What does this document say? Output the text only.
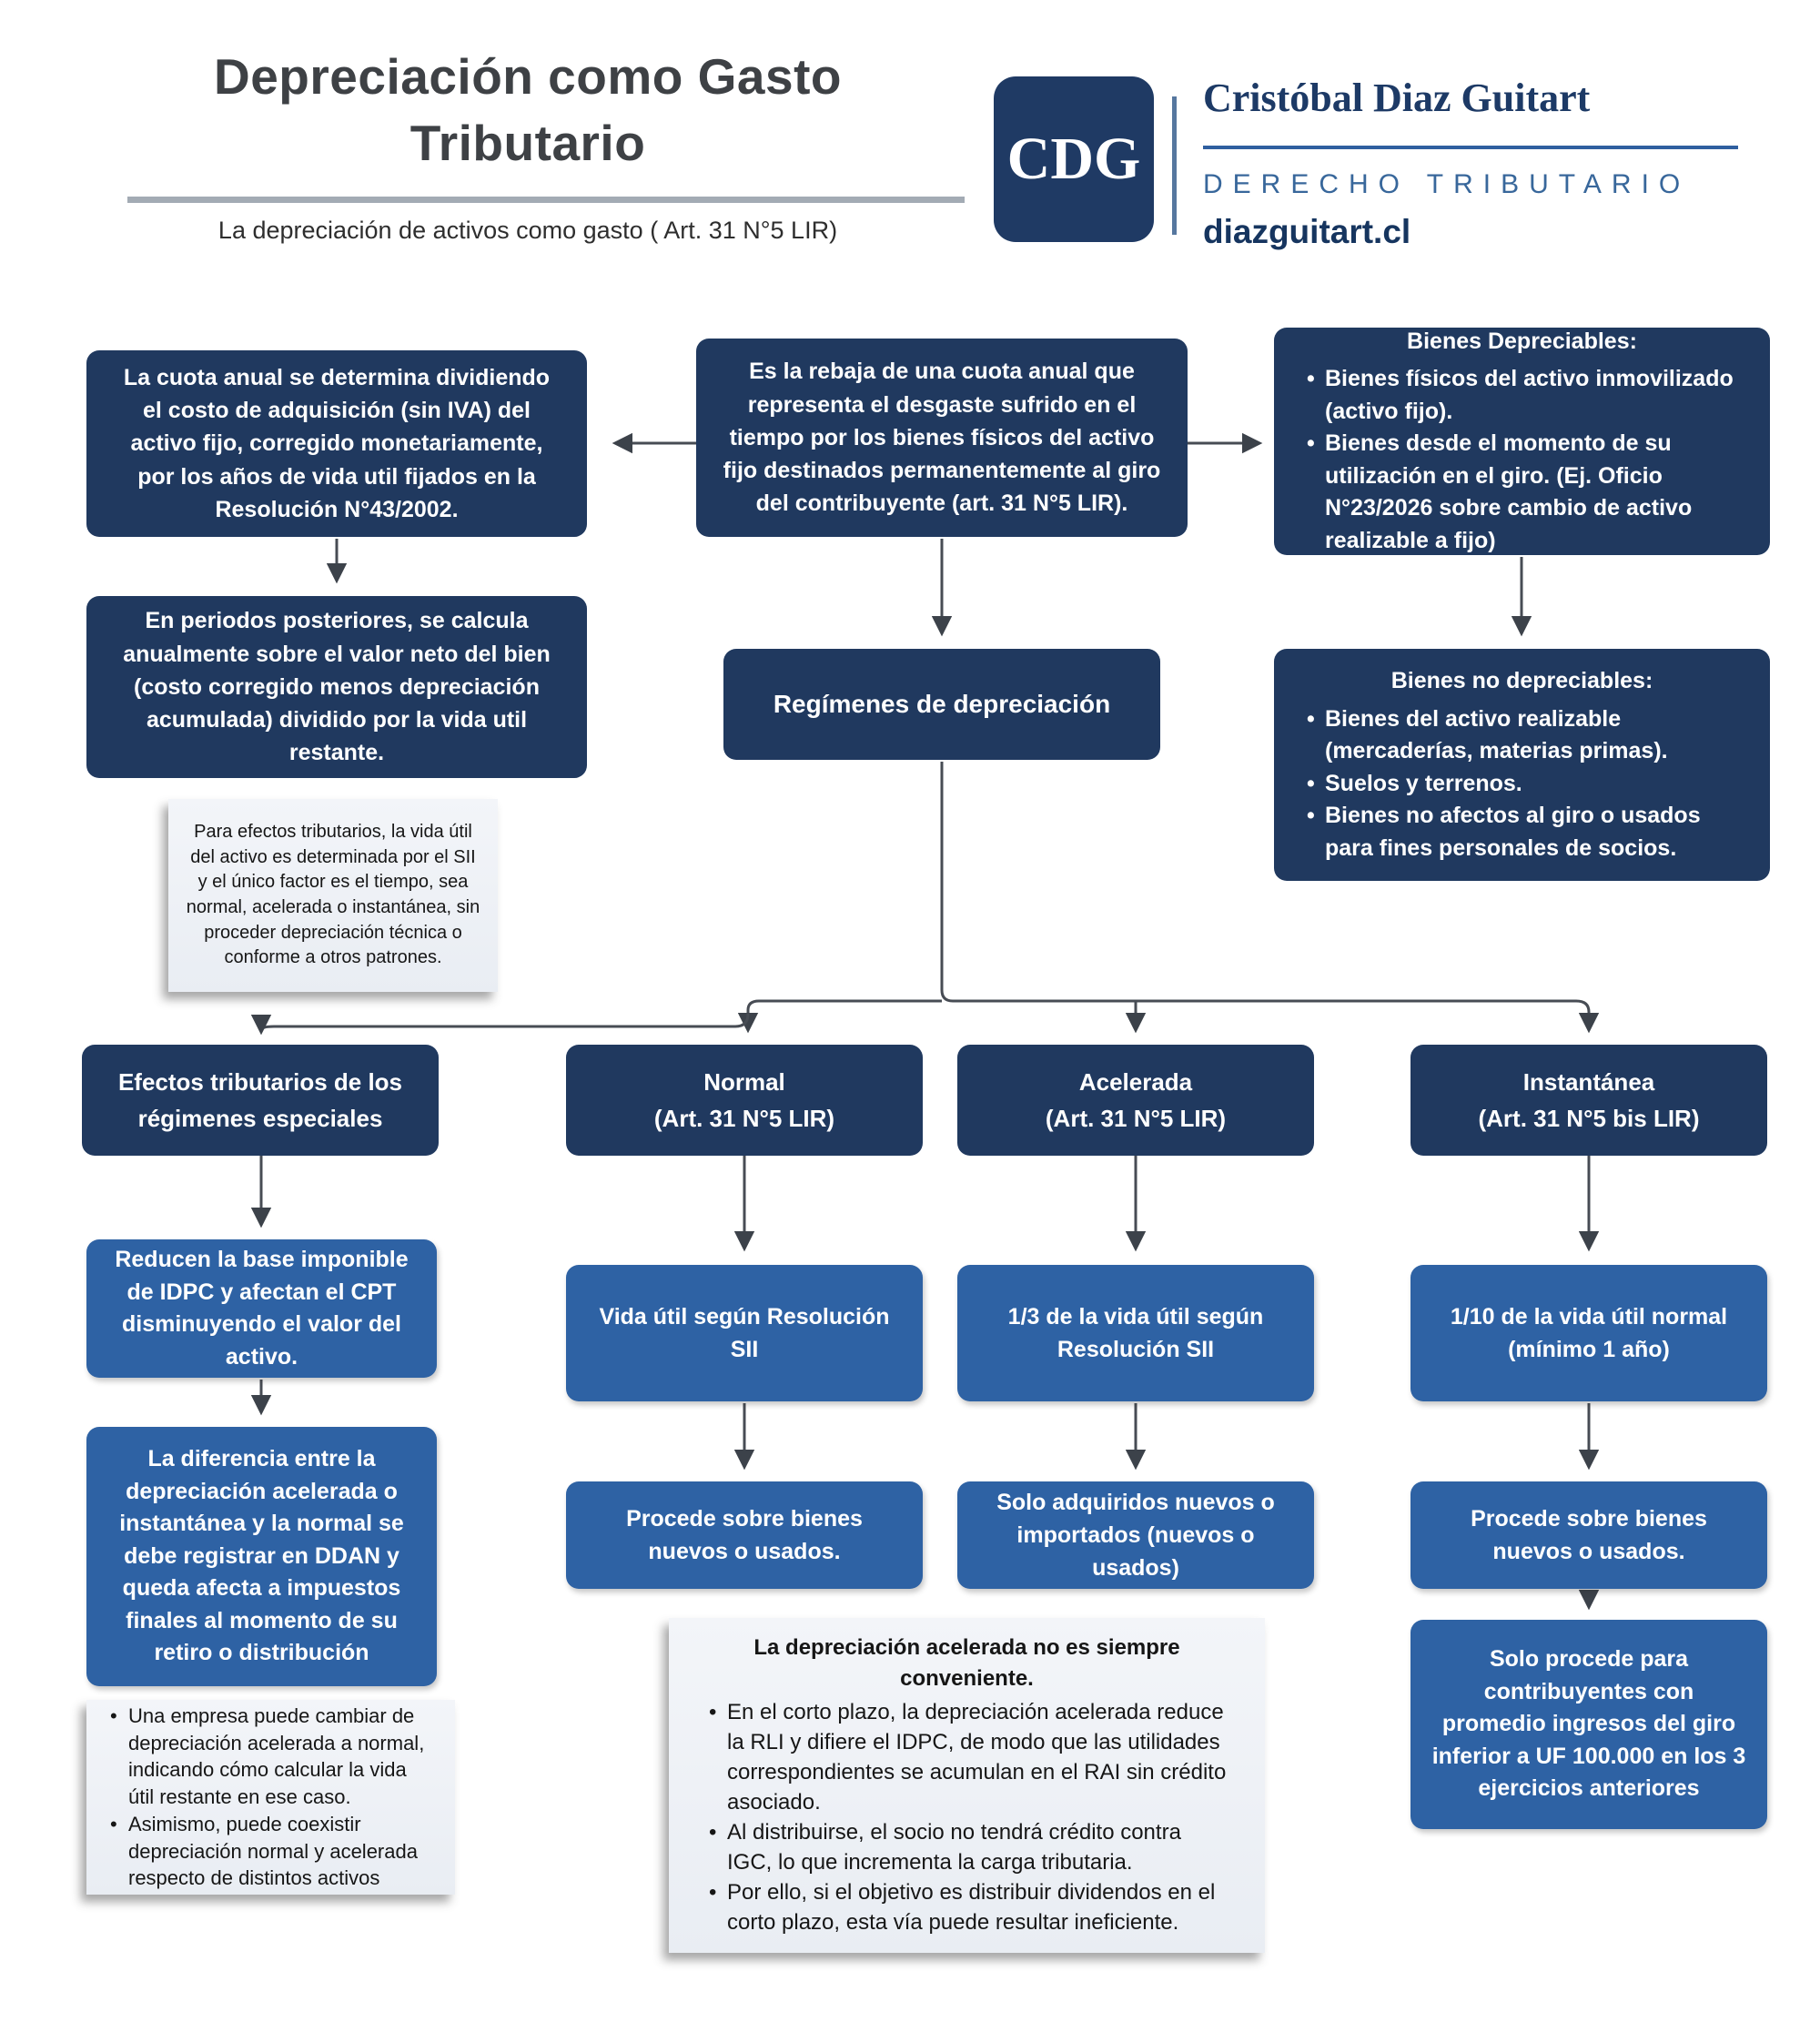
Depreciación como Gasto
Tributario
La depreciación de activos como gasto ( Art. 31 N°5 LIR)
CDG
Cristóbal Diaz Guitart
DERECHO TRIBUTARIO
diazguitart.cl
La cuota anual se determina dividiendo el costo de adquisición (sin IVA) del activo fijo, corregido monetariamente, por los años de vida util fijados en la Resolución N°43/2002.
Es la rebaja de una cuota anual que representa el desgaste sufrido en el tiempo por los bienes físicos del activo fijo destinados permanentemente al giro del contribuyente (art. 31 N°5 LIR).
Bienes Depreciables:
• Bienes físicos del activo inmovilizado (activo fijo).
• Bienes desde el momento de su utilización en el giro. (Ej. Oficio N°23/2026 sobre cambio de activo realizable a fijo)
En periodos posteriores, se calcula anualmente sobre el valor neto del bien (costo corregido menos depreciación acumulada) dividido por la vida util restante.
Regímenes de depreciación
Bienes no depreciables:
• Bienes del activo realizable (mercaderías, materias primas).
• Suelos y terrenos.
• Bienes no afectos al giro o usados para fines personales de socios.
Para efectos tributarios, la vida útil del activo es determinada por el SII y el único factor es el tiempo, sea normal, acelerada o instantánea, sin proceder depreciación técnica o conforme a otros patrones.
Efectos tributarios de los régimenes especiales
Normal
(Art. 31 N°5 LIR)
Acelerada
(Art. 31 N°5 LIR)
Instantánea
(Art. 31 N°5 bis LIR)
Reducen la base imponible de IDPC y afectan el CPT disminuyendo el valor del activo.
La diferencia entre la depreciación acelerada o instantánea y la normal se debe registrar en DDAN y queda afecta a impuestos finales al momento de su retiro o distribución
• Una empresa puede cambiar de depreciación acelerada a normal, indicando cómo calcular la vida útil restante en ese caso.
• Asimismo, puede coexistir depreciación normal y acelerada respecto de distintos activos
Vida útil según Resolución SII
Procede sobre bienes nuevos o usados.
1/3 de la vida útil según Resolución SII
Solo adquiridos nuevos o importados (nuevos o usados)
1/10 de la vida útil normal (mínimo 1 año)
Procede sobre bienes nuevos o usados.
Solo procede para contribuyentes con promedio ingresos del giro inferior a UF 100.000 en los 3 ejercicios anteriores
La depreciación acelerada no es siempre conveniente.
• En el corto plazo, la depreciación acelerada reduce la RLI y difiere el IDPC, de modo que las utilidades correspondientes se acumulan en el RAI sin crédito asociado.
• Al distribuirse, el socio no tendrá crédito contra IGC, lo que incrementa la carga tributaria.
• Por ello, si el objetivo es distribuir dividendos en el corto plazo, esta vía puede resultar ineficiente.
